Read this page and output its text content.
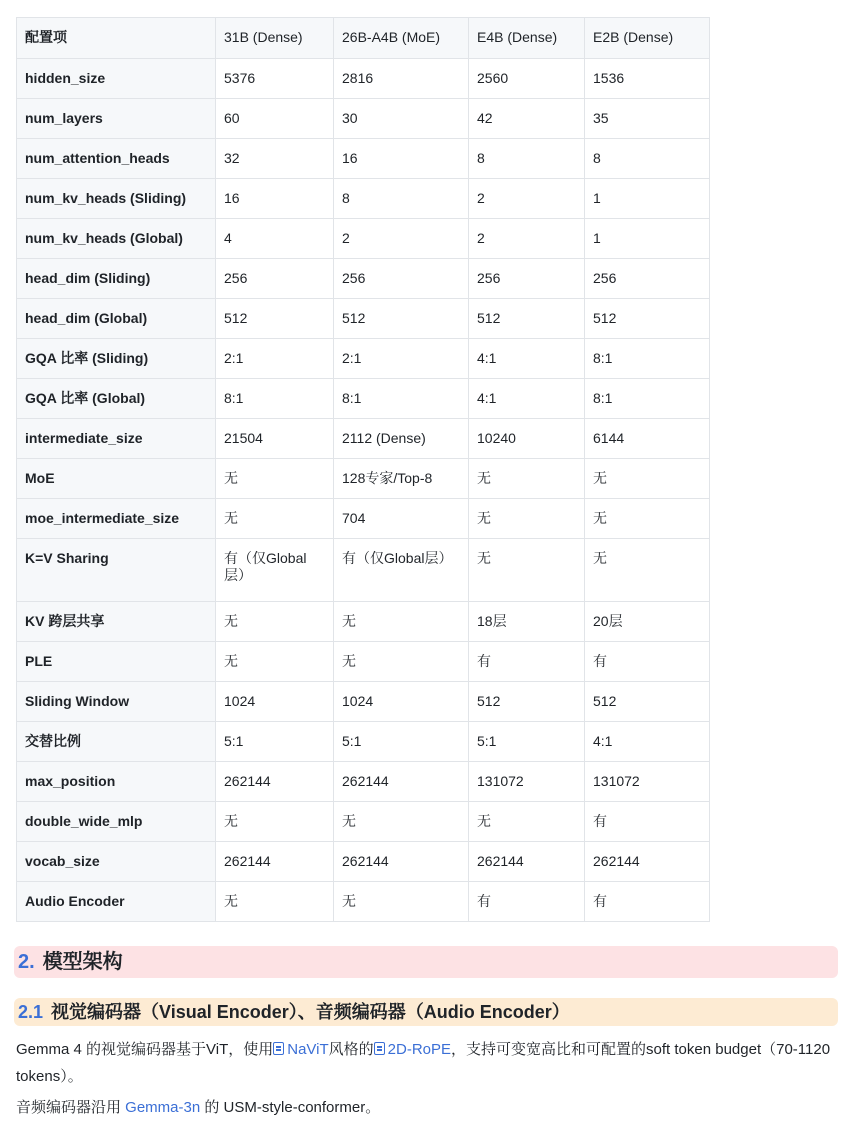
配置项	31B (Dense)	26B-A4B (MoE)	E4B (Dense)	E2B (Dense)
hidden_size	5376	2816	2560	1536
num_layers	60	30	42	35
num_attention_heads	32	16	8	8
num_kv_heads (Sliding)	16	8	2	1
num_kv_heads (Global)	4	2	2	1
head_dim (Sliding)	256	256	256	256
head_dim (Global)	512	512	512	512
GQA 比率 (Sliding)	2:1	2:1	4:1	8:1
GQA 比率 (Global)	8:1	8:1	4:1	8:1
intermediate_size	21504	2112 (Dense)	10240	6144
MoE	无	128专家/Top-8	无	无
moe_intermediate_size	无	704	无	无
K=V Sharing	有（仅Global层）	有（仅Global层）	无	无
KV 跨层共享	无	无	18层	20层
PLE	无	无	有	有
Sliding Window	1024	1024	512	512
交替比例	5:1	5:1	5:1	4:1
max_position	262144	262144	131072	131072
double_wide_mlp	无	无	无	有
vocab_size	262144	262144	262144	262144
Audio Encoder	无	无	有	有
2. 模型架构
2.1 视觉编码器（Visual Encoder）、音频编码器（Audio Encoder）

Gemma 4 的视觉编码器基于ViT，使用 NaViT风格的 2D-RoPE，支持可变宽高比和可配置的soft token budget（70-1120 tokens）。

音频编码器沿用 Gemma-3n 的 USM-style-conformer。
